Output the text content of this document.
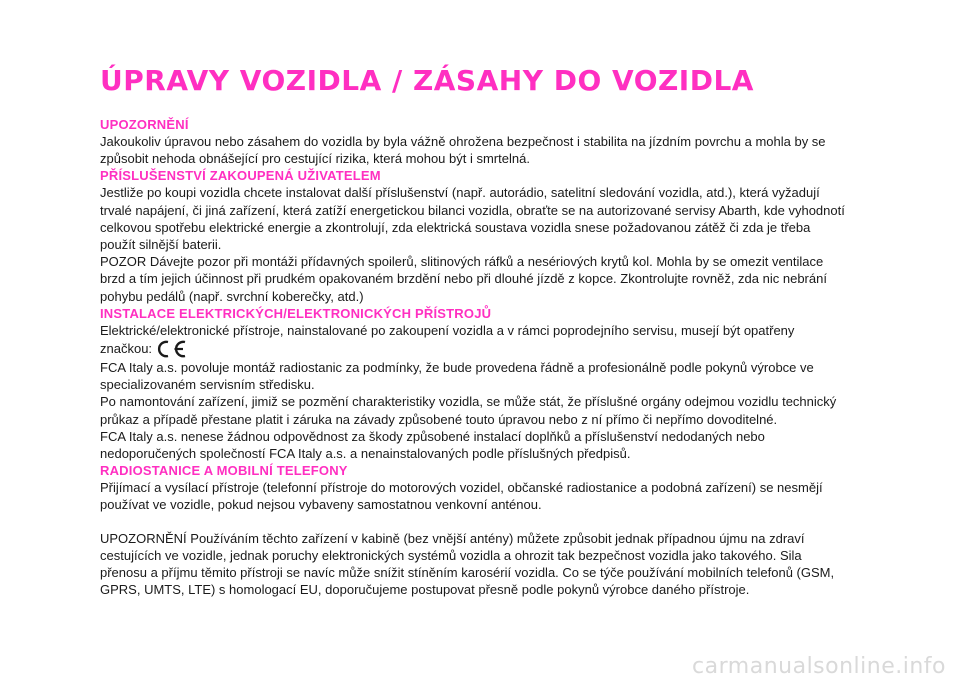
ÚPRAVY VOZIDLA / ZÁSAHY DO VOZIDLA
UPOZORNĚNÍ

Jakoukoliv úpravou nebo zásahem do vozidla by byla vážně ohrožena bezpečnost i stabilita na jízdním povrchu a mohla by se
způsobit nehoda obnášející pro cestující rizika, která mohou být i smrtelná.

PŘÍSLUŠENSTVÍ ZAKOUPENÁ UŽIVATELEM

Jestliže po koupi vozidla chcete instalovat další příslušenství (např. autorádio, satelitní sledování vozidla, atd.), která vyžadují
trvalé napájení, či jiná zařízení, která zatíží energetickou bilanci vozidla, obraťte se na autorizované servisy Abarth, kde vyhodnotí
celkovou spotřebu elektrické energie a zkontrolují, zda elektrická soustava vozidla snese požadovanou zátěž či zda je třeba
použít silnější baterii.

POZOR Dávejte pozor při montáži přídavných spoilerů, slitinových ráfků a nesériových krytů kol. Mohla by se omezit ventilace
brzd a tím jejich účinnost při prudkém opakovaném brzdění nebo při dlouhé jízdě z kopce. Zkontrolujte rovněž, zda nic nebrání
pohybu pedálů (např. svrchní koberečky, atd.)

INSTALACE ELEKTRICKÝCH/ELEKTRONICKÝCH PŘÍSTROJŮ

Elektrické/elektronické přístroje, nainstalované po zakoupení vozidla a v rámci poprodejního servisu, musejí být opatřeny

značkou:

FCA Italy a.s. povoluje montáž radiostanic za podmínky, že bude provedena řádně a profesionálně podle pokynů výrobce ve
specializovaném servisním středisku.

Po namontování zařízení, jimiž se pozmění charakteristiky vozidla, se může stát, že příslušné orgány odejmou vozidlu technický
průkaz a případě přestane platit i záruka na závady způsobené touto úpravou nebo z ní přímo či nepřímo dovoditelné.

FCA Italy a.s. nenese žádnou odpovědnost za škody způsobené instalací doplňků a příslušenství nedodaných nebo
nedoporučených společností FCA Italy a.s. a nenainstalovaných podle příslušných předpisů.

RADIOSTANICE A MOBILNÍ TELEFONY

Přijímací a vysílací přístroje (telefonní přístroje do motorových vozidel, občanské radiostanice a podobná zařízení) se nesmějí
používat ve vozidle, pokud nejsou vybaveny samostatnou venkovní anténou.

UPOZORNĚNÍ Používáním těchto zařízení v kabině (bez vnější antény) můžete způsobit jednak případnou újmu na zdraví
cestujících ve vozidle, jednak poruchy elektronických systémů vozidla a ohrozit tak bezpečnost vozidla jako takového. Sila
přenosu a příjmu těmito přístroji se navíc může snížit stíněním karosérií vozidla. Co se týče používání mobilních telefonů (GSM,
GPRS, UMTS, LTE) s homologací EU, doporučujeme postupovat přesně podle pokynů výrobce daného přístroje.

carmanualsonline.info
